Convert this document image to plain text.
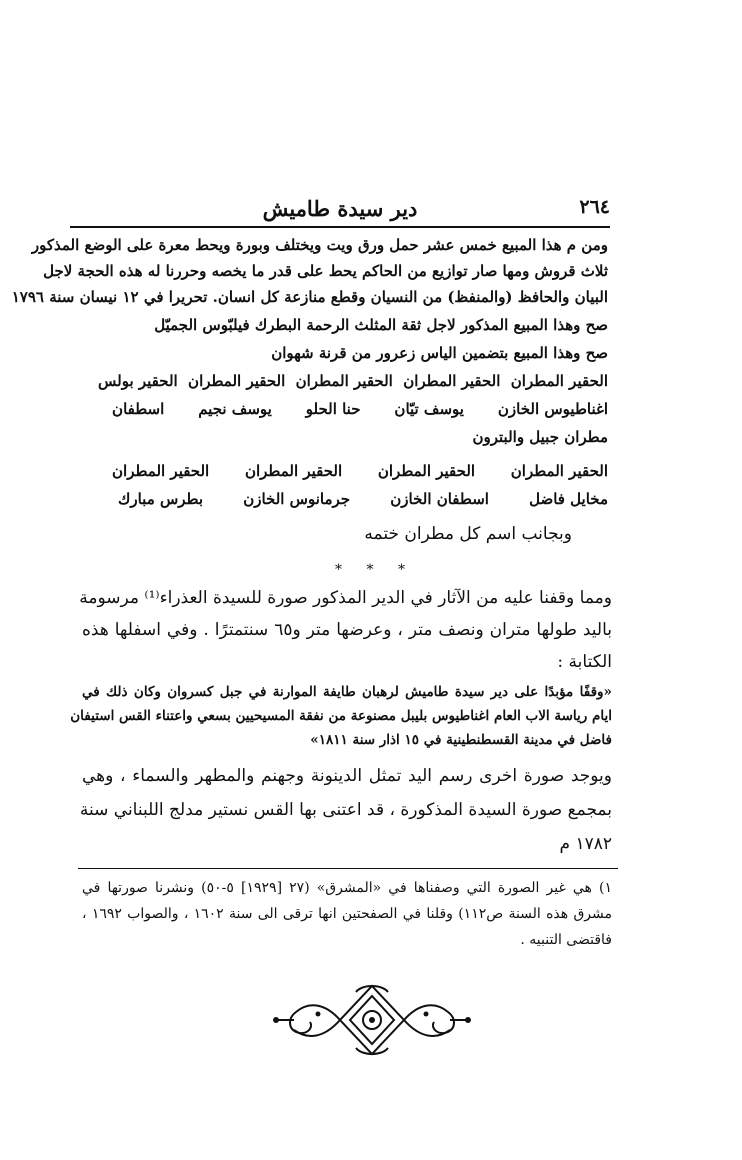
٢٦٤
دير سيدة طاميش
ومن م هذا المبيع خمس عشر حمل ورق ويت ويختلف وبورة ويحط معرة على الوضع المذكور
ثلاث قروش ومها صار توازيع من الحاكم يحط على قدر ما يخصه وحررنا له هذه الحجة لاجل
البيان والحافظ (والمنفظ) من النسيان وقطع منازعة كل انسان. تحريرا في ١٢ نيسان سنة ١٧٩٦
صح وهذا المبيع المذكور لاجل ثقة المثلث الرحمة البطرك فيلبّوس الجميّل
صح وهذا المبيع بتضمين الياس زعرور من قرنة شهوان
الحقير المطران
الحقير المطران
الحقير المطران
الحقير المطران
الحقير بولس
اغناطيوس الخازن
يوسف تيّان
حنا الحلو
يوسف نجيم
اسطفان
مطران جبيل والبترون
الحقير المطران
الحقير المطران
الحقير المطران
الحقير المطران
مخايل فاضل
اسطفان الخازن
جرمانوس الخازن
بطرس مبارك
وبجانب اسم كل مطران ختمه
* * *
ومما وقفنا عليه من الآثار في الدير المذكور صورة للسيدة العذراء⁽¹⁾ مرسومة
باليد طولها متران ونصف متر ، وعرضها متر و٦٥ سنتمترًا . وفي اسفلها هذه
الكتابة :
«وقفًا مؤبدًا على دير سيدة طاميش لرهبان طايفة الموارنة في جبل كسروان وكان ذلك في
ايام رياسة الاب العام اغناطيوس بليبل مصنوعة من نفقة المسيحيين بسعي واعتناء القس استيفان
فاضل في مدينة القسطنطينية في ١٥ اذار سنة ١٨١١»
ويوجد صورة اخرى رسم اليد تمثل الدينونة وجهنم والمطهر والسماء ، وهي
بمجمع صورة السيدة المذكورة ، قد اعتنى بها القس نستير مدلج اللبناني سنة
١٧٨٢ م
١) هي غير الصورة التي وصفناها في «المشرق» (٢٧ [١٩٢٩] ٥-٥٠) ونشرنا صورتها في
مشرق هذه السنة ص١١٢) وقلنا في الصفحتين انها ترقى الى سنة ١٦٠٢ ، والصواب ١٦٩٢ ،
فاقتضى التنبيه .
